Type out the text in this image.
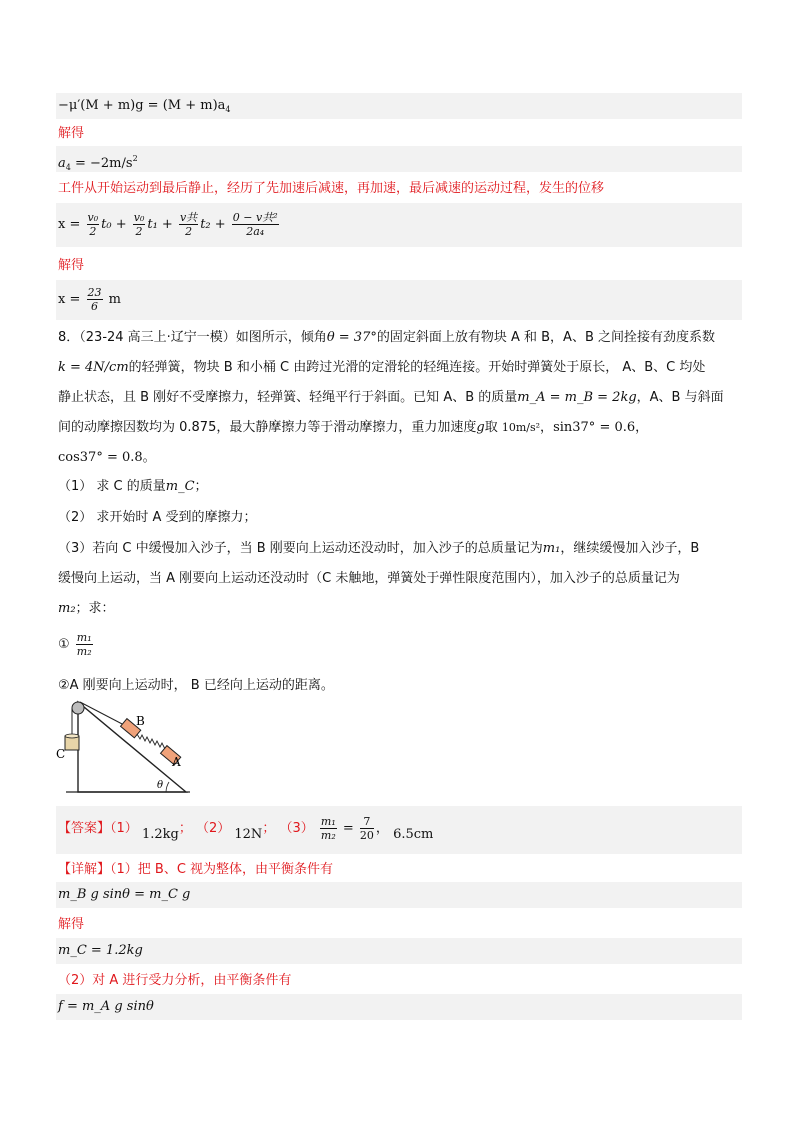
$-\mu'(M + m)g = (M + m)a_4$
解得
$a_4 = -2m/s^2$
工件从开始运动到最后静止，经历了先加速后减速，再加速，最后减速的运动过程，发生的位移
$x = \frac{\text{v₀}}{2} t_0 + \frac{\text{v₀}}{2} t_1 + \frac{\text{v共}}{2} t_2 + \frac{\text{0 − v共²}}{\text{2a₄}}$
解得
$x = \frac{23}{6}$ m
8．（23-24 高三上·辽宁一模）如图所示，倾角θ = 37°的固定斜面上放有物块 A 和 B，A、B 之间拴接有劲度系数
k = 4N/cm的轻弹簧，物块 B 和小桶 C 由跨过光滑的定滑轮的轻绳连接。开始时弹簧处于原长， A、B、C 均处
静止状态，且 B 刚好不受摩擦力，轻弹簧、轻绳平行于斜面。已知 A、B 的质量m_A = m_B = 2kg，A、B 与斜面
间的动摩擦因数均为 0.875，最大静摩擦力等于滑动摩擦力，重力加速度g取 10m/s²，sin37° = 0.6，
cos37° = 0.8。
（1） 求 C 的质量m_C；
（2） 求开始时 A 受到的摩擦力；
（3）若向 C 中缓慢加入沙子，当 B 刚要向上运动还没动时，加入沙子的总质量记为m₁，继续缓慢加入沙子，B
缓慢向上运动，当 A 刚要向上运动还没动时（C 未触地，弹簧处于弹性限度范围内），加入沙子的总质量记为
m₂；求：
① $\frac{\text{m₁}}{\text{m₂}}$
②A 刚要向上运动时， B 已经向上运动的距离。
B
A
C
θ
【答案】（1） 1.2kg； （2） 12N； $(3) \frac{\text{m₁}}{\text{m₂}} = \frac{7}{20}$ ， 6.5cm
【详解】（1）把 B、C 视为整体，由平衡条件有
m_B g sinθ = m_C g
解得
m_C = 1.2kg
（2）对 A 进行受力分析，由平衡条件有
f = m_A g sinθ
